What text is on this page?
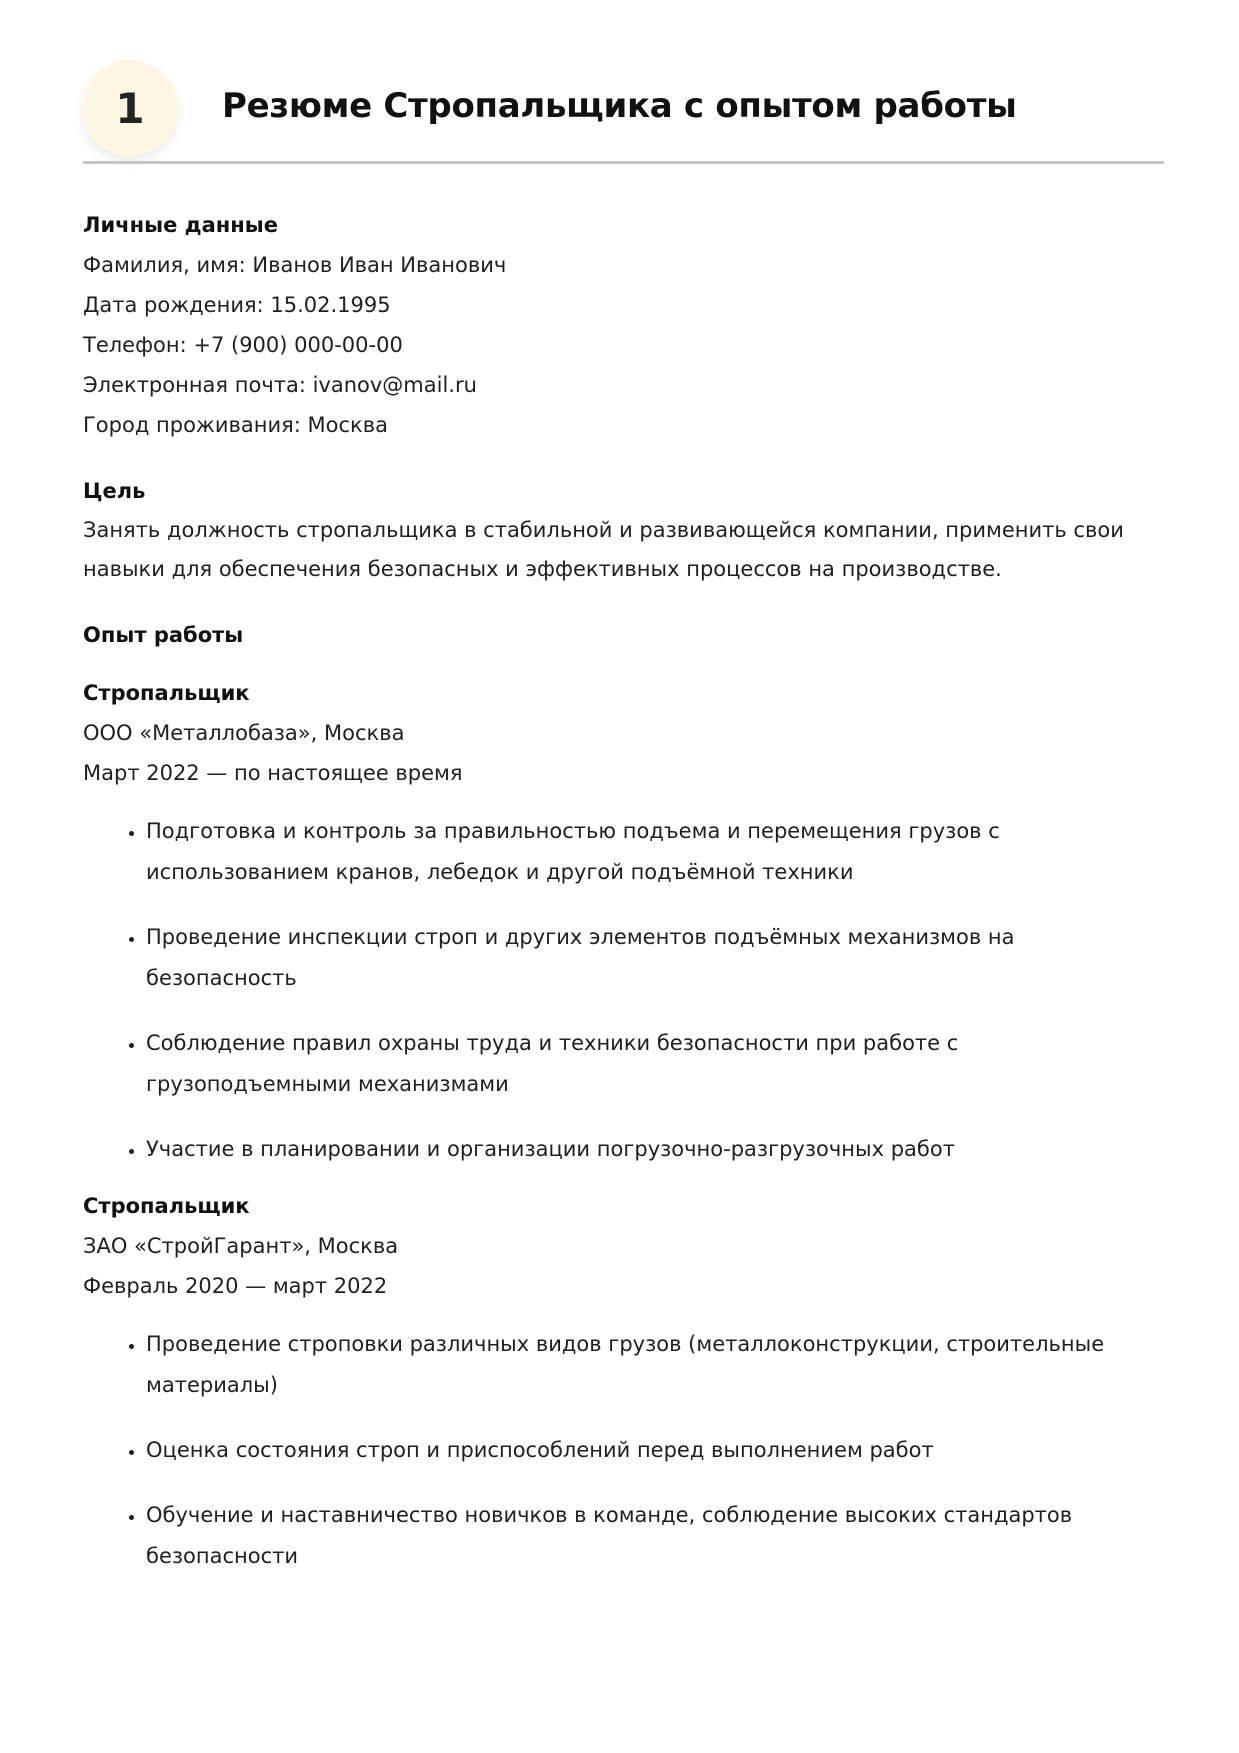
1	Резюме Стропальщика с опытом работы
Личные данные

Фамилия, имя: Иванов Иван Иванович

Дата рождения: 15.02.1995

Телефон: +7 (900) 000-00-00

Электронная почта: ivanov@mail.ru

Город проживания: Москва

Цель

Занять должность стропальщика в стабильной и развивающейся компании, применить свои навыки для обеспечения безопасных и эффективных процессов на производстве.

Опыт работы
Стропальщик

ООО «Металлобаза», Москва

Март 2022 — по настоящее время

• Подготовка и контроль за правильностью подъема и перемещения грузов с использованием кранов, лебедок и другой подъёмной техники
• Проведение инспекции строп и других элементов подъёмных механизмов на безопасность
• Соблюдение правил охраны труда и техники безопасности при работе с грузоподъемными механизмами
• Участие в планировании и организации погрузочно-разгрузочных работ
Стропальщик

ЗАО «СтройГарант», Москва

Февраль 2020 — март 2022

• Проведение строповки различных видов грузов (металлоконструкции, строительные материалы)
• Оценка состояния строп и приспособлений перед выполнением работ
• Обучение и наставничество новичков в команде, соблюдение высоких стандартов безопасности
